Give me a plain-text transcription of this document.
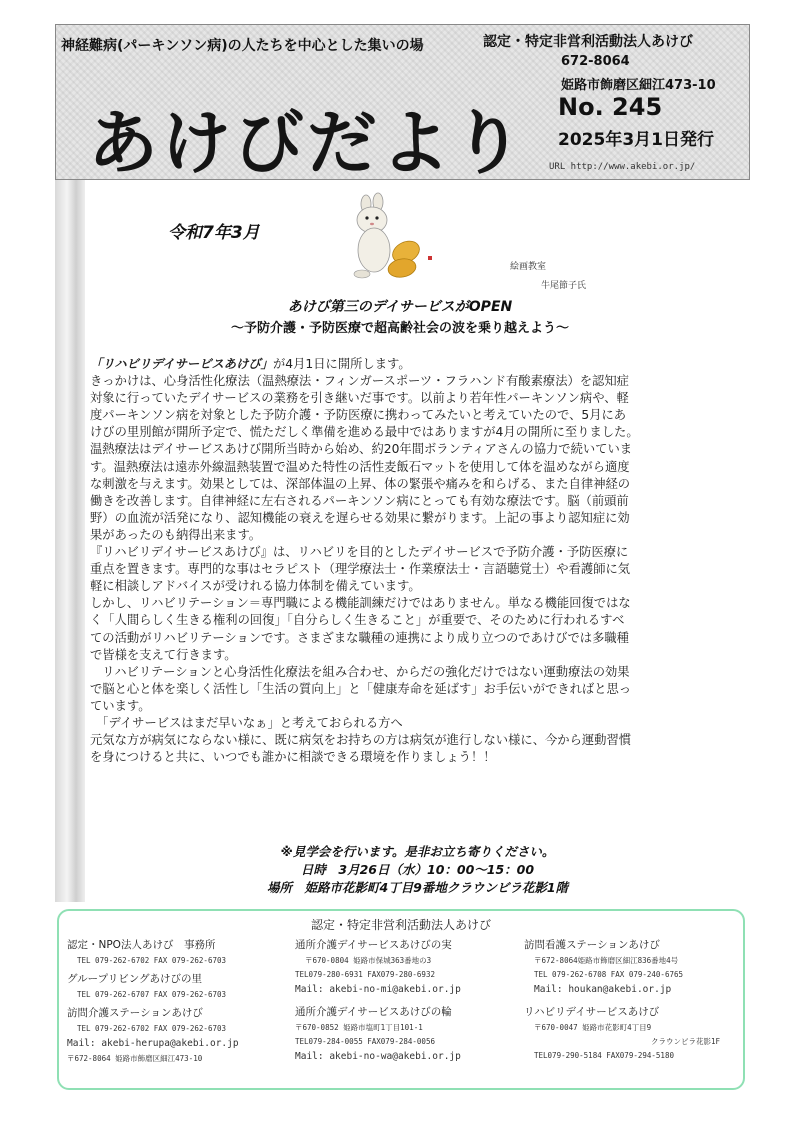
神経難病(パーキンソン病)の人たちを中心とした集いの場	認定・特定非営利活動法人あけび
672-8064
姫路市飾磨区細江473-10
あけびだより No. 245
2025年3月1日発行
URL http://www.akebi.or.jp/
令和7年3月
絵画教室
牛尾節子氏
あけび第三のデイサービスがOPEN
～予防介護・予防医療で超高齢社会の波を乗り越えよう～
「リハビリデイサービスあけび」が4月1日に開所します。
きっかけは、心身活性化療法（温熱療法・フィンガースポーツ・フラハンド有酸素療法）を認知症
対象に行っていたデイサービスの業務を引き継いだ事です。以前より若年性パーキンソン病や、軽
度パーキンソン病を対象とした予防介護・予防医療に携わってみたいと考えていたので、5月にあ
けびの里別館が開所予定で、慌ただしく準備を進める最中ではありますが4月の開所に至りました。
温熱療法はデイサービスあけび開所当時から始め、約20年間ボランティアさんの協力で続いていま
す。温熱療法は遠赤外線温熱装置で温めた特性の活性麦飯石マットを使用して体を温めながら適度
な刺激を与えます。効果としては、深部体温の上昇、体の緊張や痛みを和らげる、また自律神経の
働きを改善します。自律神経に左右されるパーキンソン病にとっても有効な療法です。脳（前頭前
野）の血流が活発になり、認知機能の衰えを遅らせる効果に繋がります。上記の事より認知症に効
果があったのも納得出来ます。
『リハビリデイサービスあけび』は、リハビリを目的としたデイサービスで予防介護・予防医療に
重点を置きます。専門的な事はセラピスト（理学療法士・作業療法士・言語聴覚士）や看護師に気
軽に相談しアドバイスが受けれる協力体制を備えています。
しかし、リハビリテーション＝専門職による機能訓練だけではありません。単なる機能回復ではな
く「人間らしく生きる権利の回復」「自分らしく生きること」が重要で、そのために行われるすべ
ての活動がリハビリテーションです。さまざまな職種の連携により成り立つのであけびでは多職種
で皆様を支えて行きます。
　リハビリテーションと心身活性化療法を組み合わせ、からだの強化だけではない運動療法の効果
で脳と心と体を楽しく活性し「生活の質向上」と「健康寿命を延ばす」お手伝いができればと思っ
ています。
　「デイサービスはまだ早いなぁ」と考えておられる方へ
元気な方が病気にならない様に、既に病気をお持ちの方は病気が進行しない様に、今から運動習慣
を身につけると共に、いつでも誰かに相談できる環境を作りましょう！！
※見学会を行います。是非お立ち寄りください。
日時　3月26日（水）10：00～15：00
場所　姫路市花影町4丁目9番地クラウンビラ花影1階
認定・特定非営利活動法人あけび
認定・NPO法人あけび　事務所
TEL 079-262-6702 FAX 079-262-6703
グループリビングあけびの里
TEL 079-262-6707 FAX 079-262-6703
訪問介護ステーションあけび
TEL 079-262-6702 FAX 079-262-6703
Mail: akebi-herupa@akebi.or.jp
〒672-8064 姫路市飾磨区細江473-10
通所介護デイサービスあけびの実
〒670-0804 姫路市保城363番地の3
TEL079-280-6931 FAX079-280-6932
Mail: akebi-no-mi@akebi.or.jp
通所介護デイサービスあけびの輪
〒670-0852 姫路市塩町1丁目101-1
TEL079-284-0055 FAX079-284-0056
Mail: akebi-no-wa@akebi.or.jp
訪問看護ステーションあけび
〒672-8064姫路市飾磨区細江836番地4号
TEL 079-262-6708 FAX 079-240-6765
Mail: houkan@akebi.or.jp
リハビリデイサービスあけび
〒670-0047 姫路市花影町4丁目9
クラウンビラ花影1F
TEL079-290-5184 FAX079-294-5180
